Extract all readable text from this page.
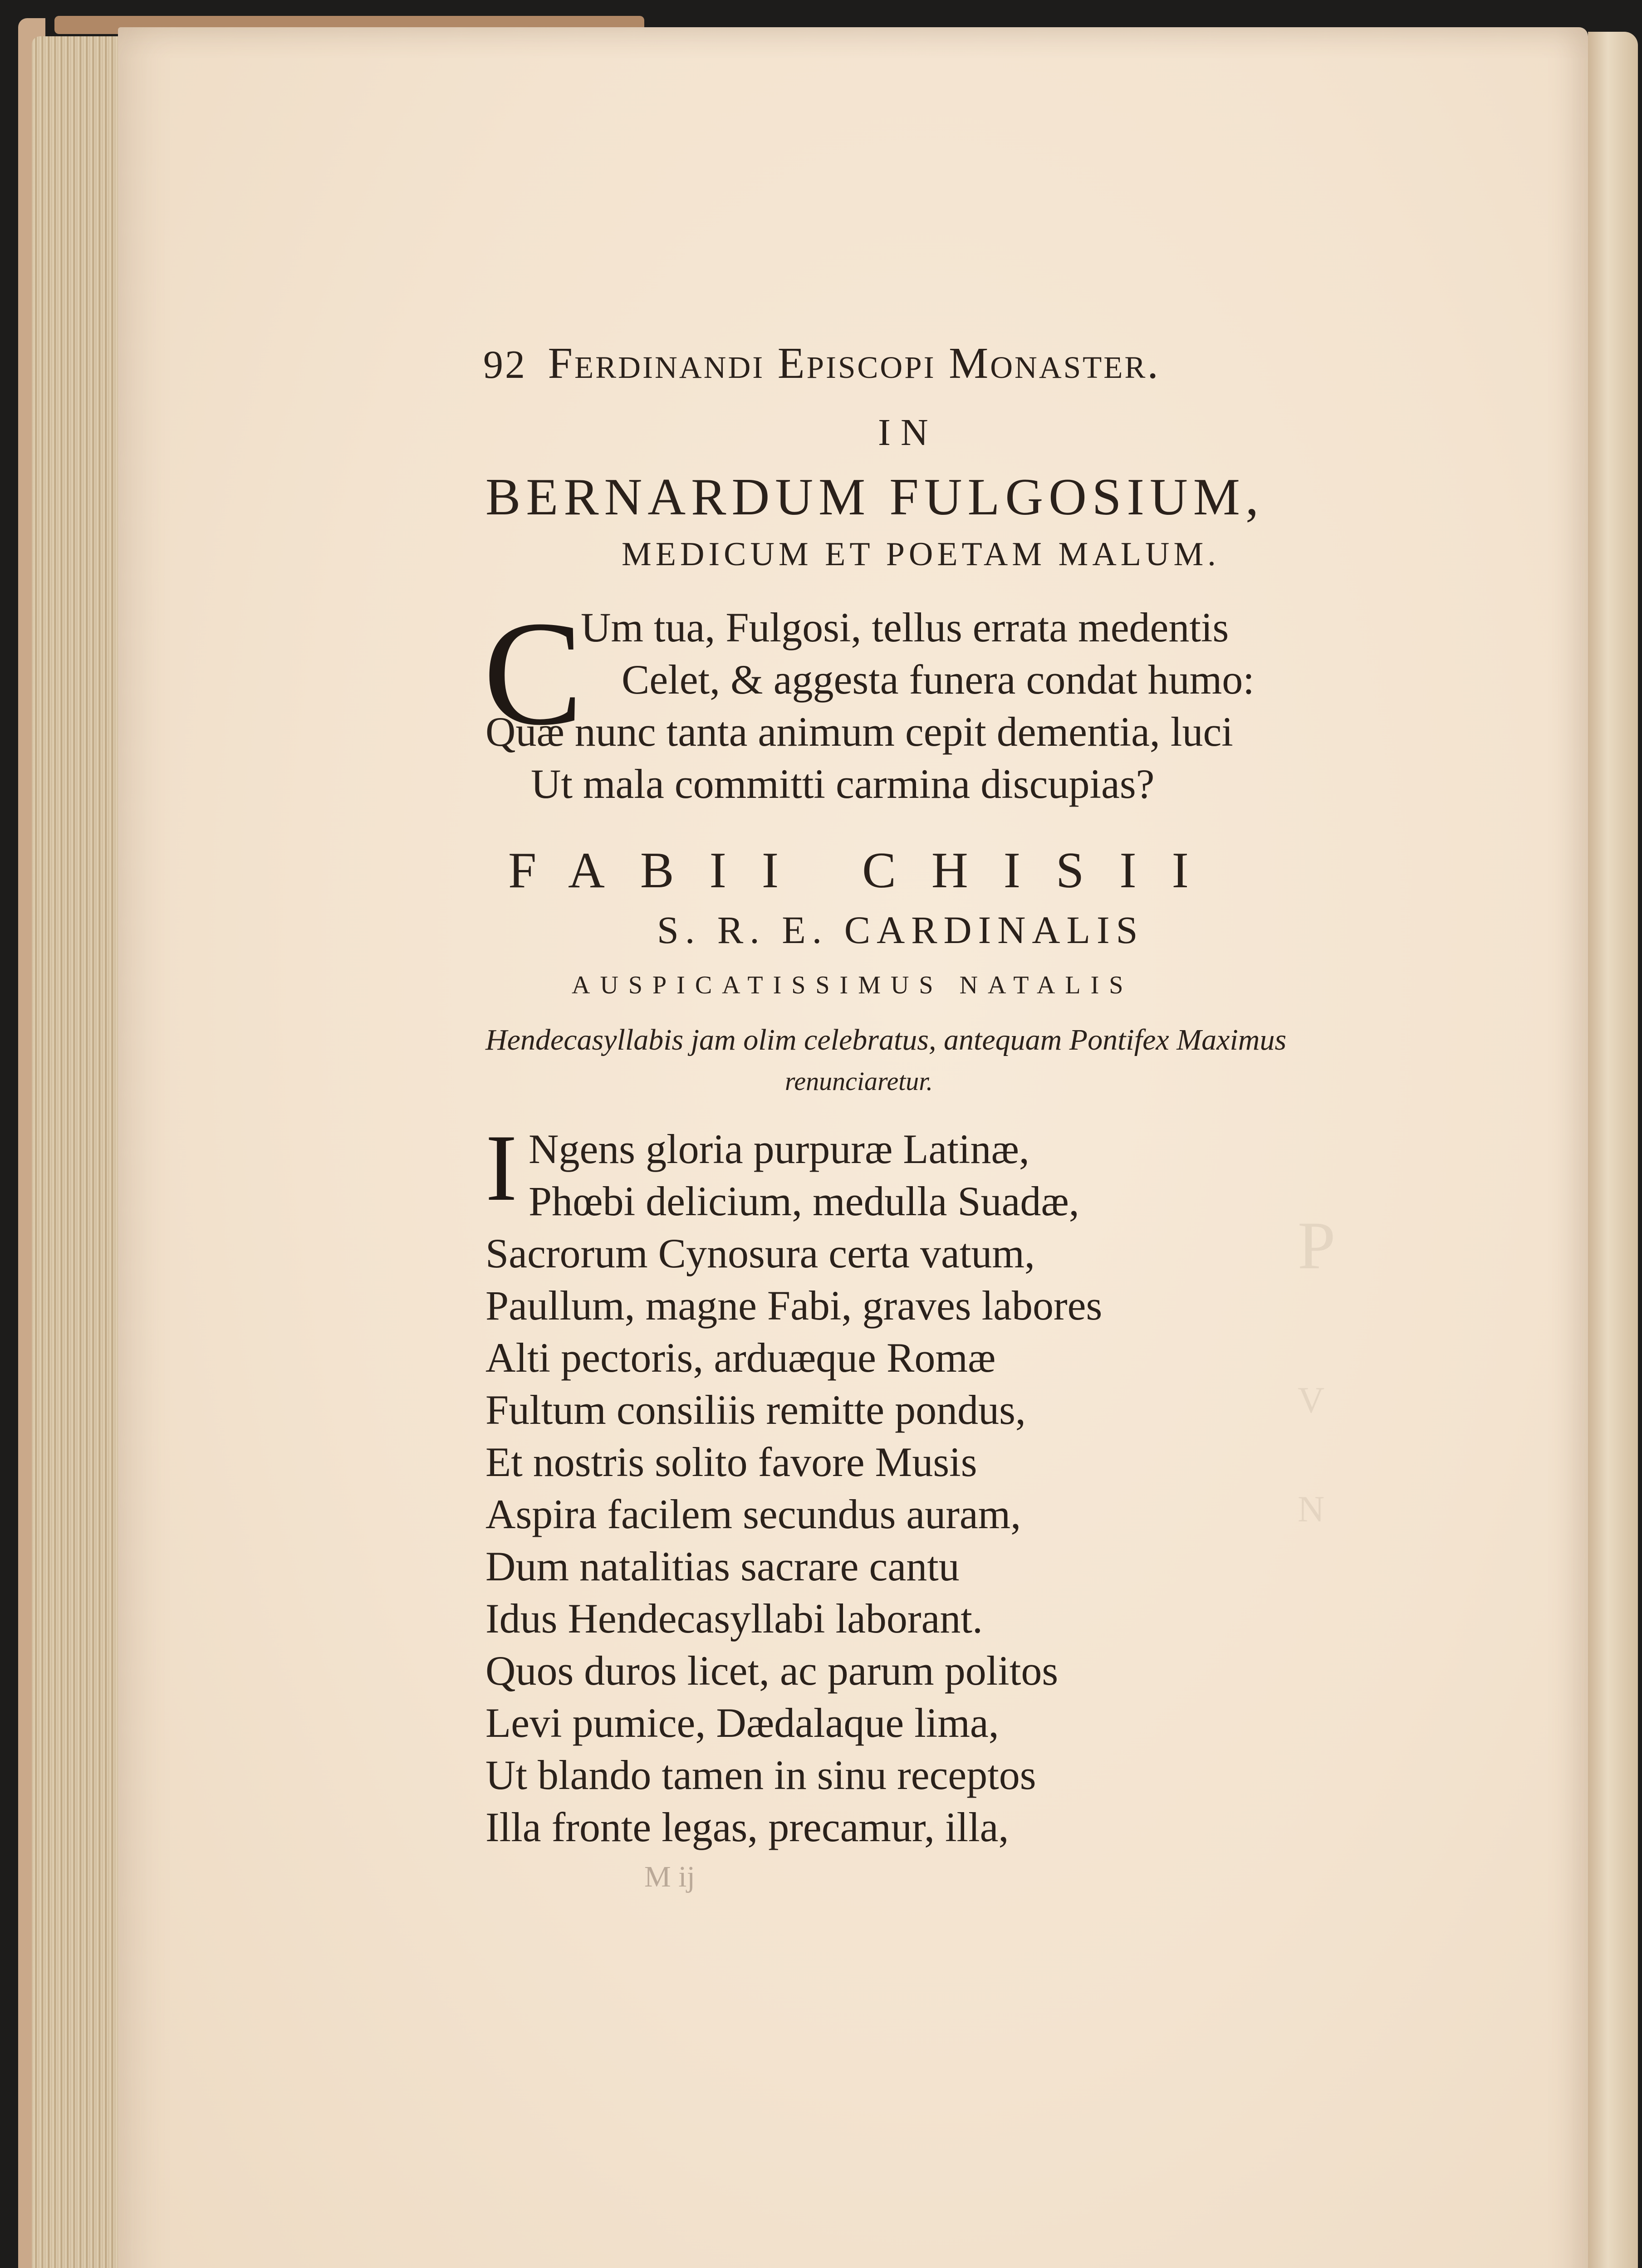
P
V
N
92 Ferdinandi Episcopi Monaster.
IN
BERNARDUM FULGOSIUM,
MEDICUM ET POETAM MALUM.
C
Um tua, Fulgosi, tellus errata medentis
Celet, & aggesta funera condat humo:
Quæ nunc tanta animum cepit dementia, luci
Ut mala committi carmina discupias?
FABII CHISII
S. R. E. CARDINALIS
AUSPICATISSIMUS NATALIS
Hendecasyllabis jam olim celebratus, antequam Pontifex Maximus
renunciaretur.
I Ngens gloria purpuræ Latinæ,
Phœbi delicium, medulla Suadæ,
Sacrorum Cynosura certa vatum,
Paullum, magne Fabi, graves labores
Alti pectoris, arduæque Romæ
Fultum consiliis remitte pondus,
Et nostris solito favore Musis
Aspira facilem secundus auram,
Dum natalitias sacrare cantu
Idus Hendecasyllabi laborant.
Quos duros licet, ac parum politos
Levi pumice, Dædalaque lima,
Ut blando tamen in sinu receptos
Illa fronte legas, precamur, illa,
M ij
